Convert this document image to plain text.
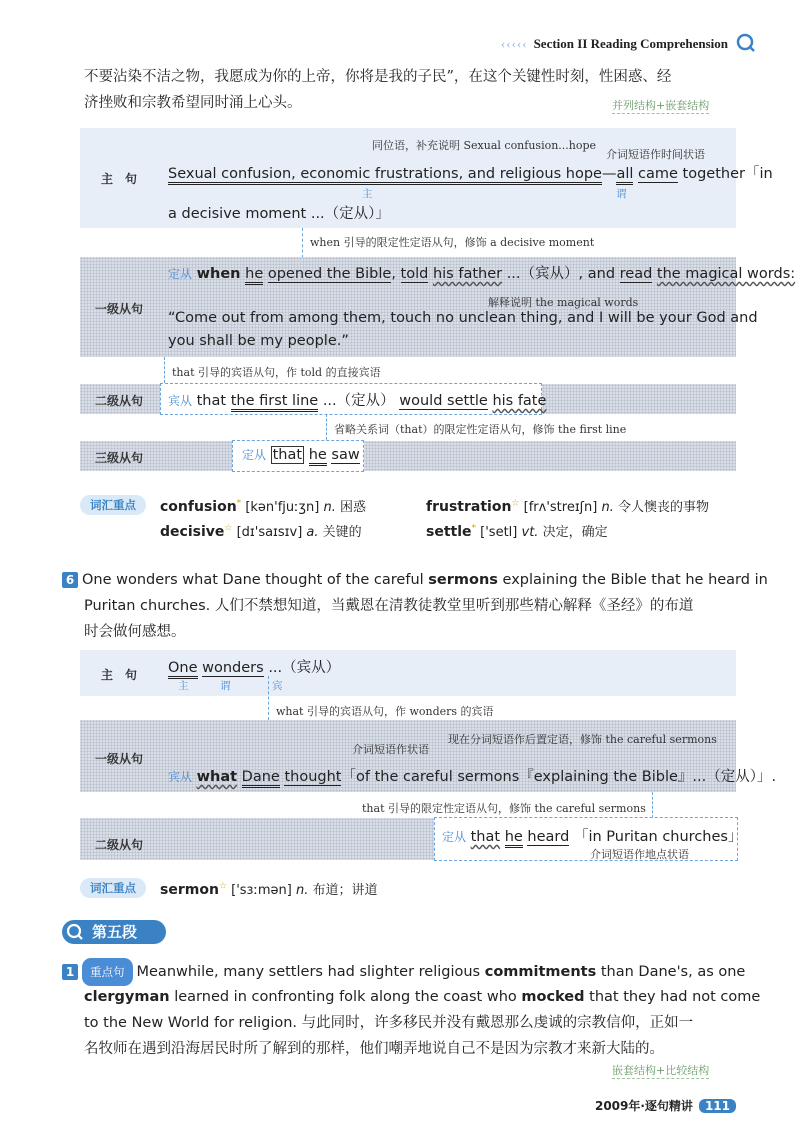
‹‹‹‹‹ Section II Reading Comprehension
不要沾染不洁之物，我愿成为你的上帝，你将是我的子民”，在这个关键性时刻，性困惑、经
济挫败和宗教希望同时涌上心头。	并列结构+嵌套结构
主　句
同位语，补充说明 Sexual confusion...hope
介词短语作时间状语
Sexual confusion, economic frustrations, and religious hope—all came together「in
主	谓
a decisive moment ...（定从）」
when 引导的限定性定语从句，修饰 a decisive moment
一级从句
定从 when he opened the Bible, told his father ...（宾从）, and read the magical words:
解释说明 the magical words
“Come out from among them, touch no unclean thing, and I will be your God and
you shall be my people.”
that 引导的宾语从句，作 told 的直接宾语
二级从句	宾从 that the first line ...（定从） would settle his fate
省略关系词（that）的限定性定语从句，修饰 the first line
三级从句	定从 that he saw
词汇重点	confusion* [kən'fjuːʒn] n. 困惑	frustration☆ [frʌ'streɪʃn] n. 令人懊丧的事物
decisive☆ [dɪ'saɪsɪv] a. 关键的	settle* ['setl] vt. 决定，确定
6 One wonders what Dane thought of the careful sermons explaining the Bible that he heard in
Puritan churches. 人们不禁想知道，当戴恩在清教徒教堂里听到那些精心解释《圣经》的布道
时会做何感想。
主　句	One wonders ...（宾从）
主	谓	宾
what 引导的宾语从句，作 wonders 的宾语
一级从句
现在分词短语作后置定语，修饰 the careful sermons
介词短语作状语
宾从 what Dane thought「of the careful sermons『explaining the Bible』...（定从）」.
that 引导的限定性定语从句，修饰 the careful sermons
二级从句
定从 that he heard 「in Puritan churches」
介词短语作地点状语
词汇重点	sermon☆ ['sɜːmən] n. 布道；讲道
第五段
1 重点句 Meanwhile, many settlers had slighter religious commitments than Dane's, as one
clergyman learned in confronting folk along the coast who mocked that they had not come
to the New World for religion. 与此同时，许多移民并没有戴恩那么虔诚的宗教信仰，正如一
名牧师在遇到沿海居民时所了解到的那样，他们嘲弄地说自己不是因为宗教才来新大陆的。
嵌套结构+比较结构
2009年·逐句精讲 111
